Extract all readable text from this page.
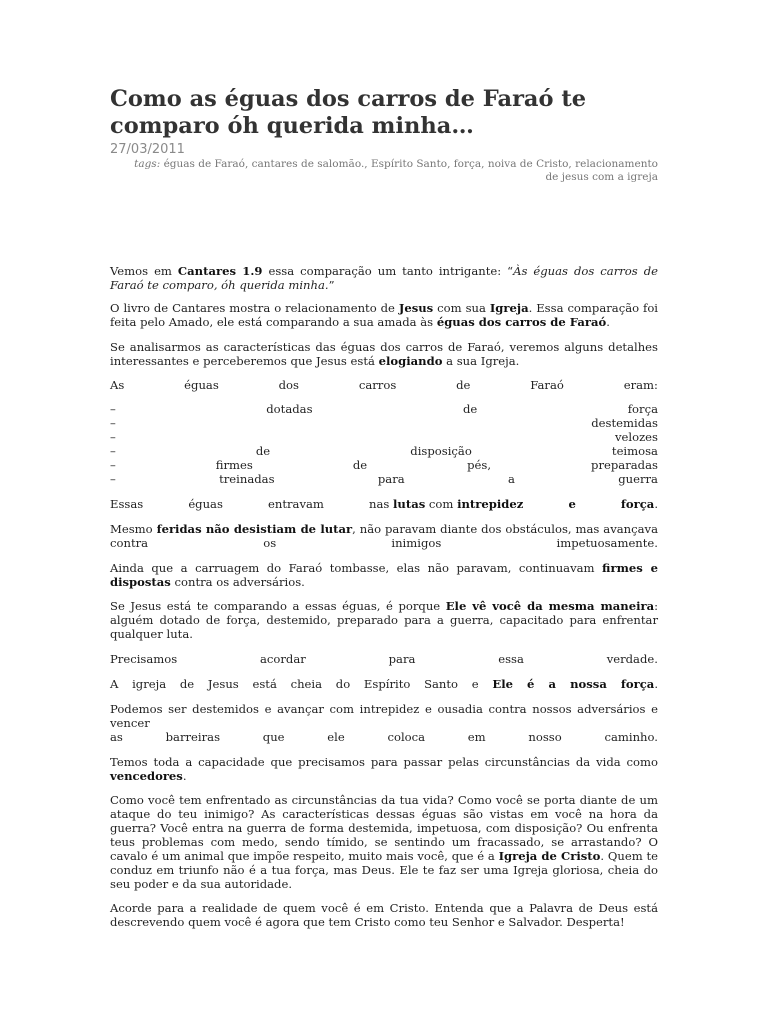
Como as éguas dos carros de Faraó te comparo óh querida minha…
27/03/2011
tags: éguas de Faraó, cantares de salomão., Espírito Santo, força, noiva de Cristo, relacionamento de jesus com a igreja

Vemos em Cantares 1.9 essa comparação um tanto intrigante: “Às éguas dos carros de Faraó te comparo, óh querida minha.”

O livro de Cantares mostra o relacionamento de Jesus com sua Igreja. Essa comparação foi feita pelo Amado, ele está comparando a sua amada às éguas dos carros de Faraó.

Se analisarmos as características das éguas dos carros de Faraó, veremos alguns detalhes interessantes e perceberemos que Jesus está elogiando a sua Igreja.

As	éguas	dos	carros	de	Faraó	eram:
–	dotadas	de	força
–	destemidas
–	velozes
–	de	disposição	teimosa
–	firmes	de	pés,	preparadas
–	treinadas	para	a	guerra
Essas	éguas	entravam	nas lutas com intrepidez	e	força.

Mesmo feridas não desistiam de lutar, não paravam diante dos obstáculos, mas avançava

contra	os	inimigos	impetuosamente.

Ainda que a carruagem do Faraó tombasse, elas não paravam, continuavam firmes e dispostas contra os adversários.

Se Jesus está te comparando a essas éguas, é porque Ele vê você da mesma maneira: alguém dotado de força, destemido, preparado para a guerra, capacitado para enfrentar qualquer luta.

Precisamos	acordar	para	essa	verdade.

A igreja de Jesus está cheia do Espírito Santo e Ele é a nossa força.

Podemos ser destemidos e avançar com intrepidez e ousadia contra nossos adversários e vencer

as	barreiras	que	ele	coloca	em	nosso	caminho.

Temos toda a capacidade que precisamos para passar pelas circunstâncias da vida como vencedores.

Como você tem enfrentado as circunstâncias da tua vida? Como você se porta diante de um ataque do teu inimigo? As características dessas éguas são vistas em você na hora da guerra? Você entra na guerra de forma destemida, impetuosa, com disposição? Ou enfrenta teus problemas com medo, sendo tímido, se sentindo um fracassado, se arrastando? O cavalo é um animal que impõe respeito, muito mais você, que é a Igreja de Cristo. Quem te conduz em triunfo não é a tua força, mas Deus. Ele te faz ser uma Igreja gloriosa, cheia do seu poder e da sua autoridade.

Acorde para a realidade de quem você é em Cristo. Entenda que a Palavra de Deus está descrevendo quem você é agora que tem Cristo como teu Senhor e Salvador. Desperta!
